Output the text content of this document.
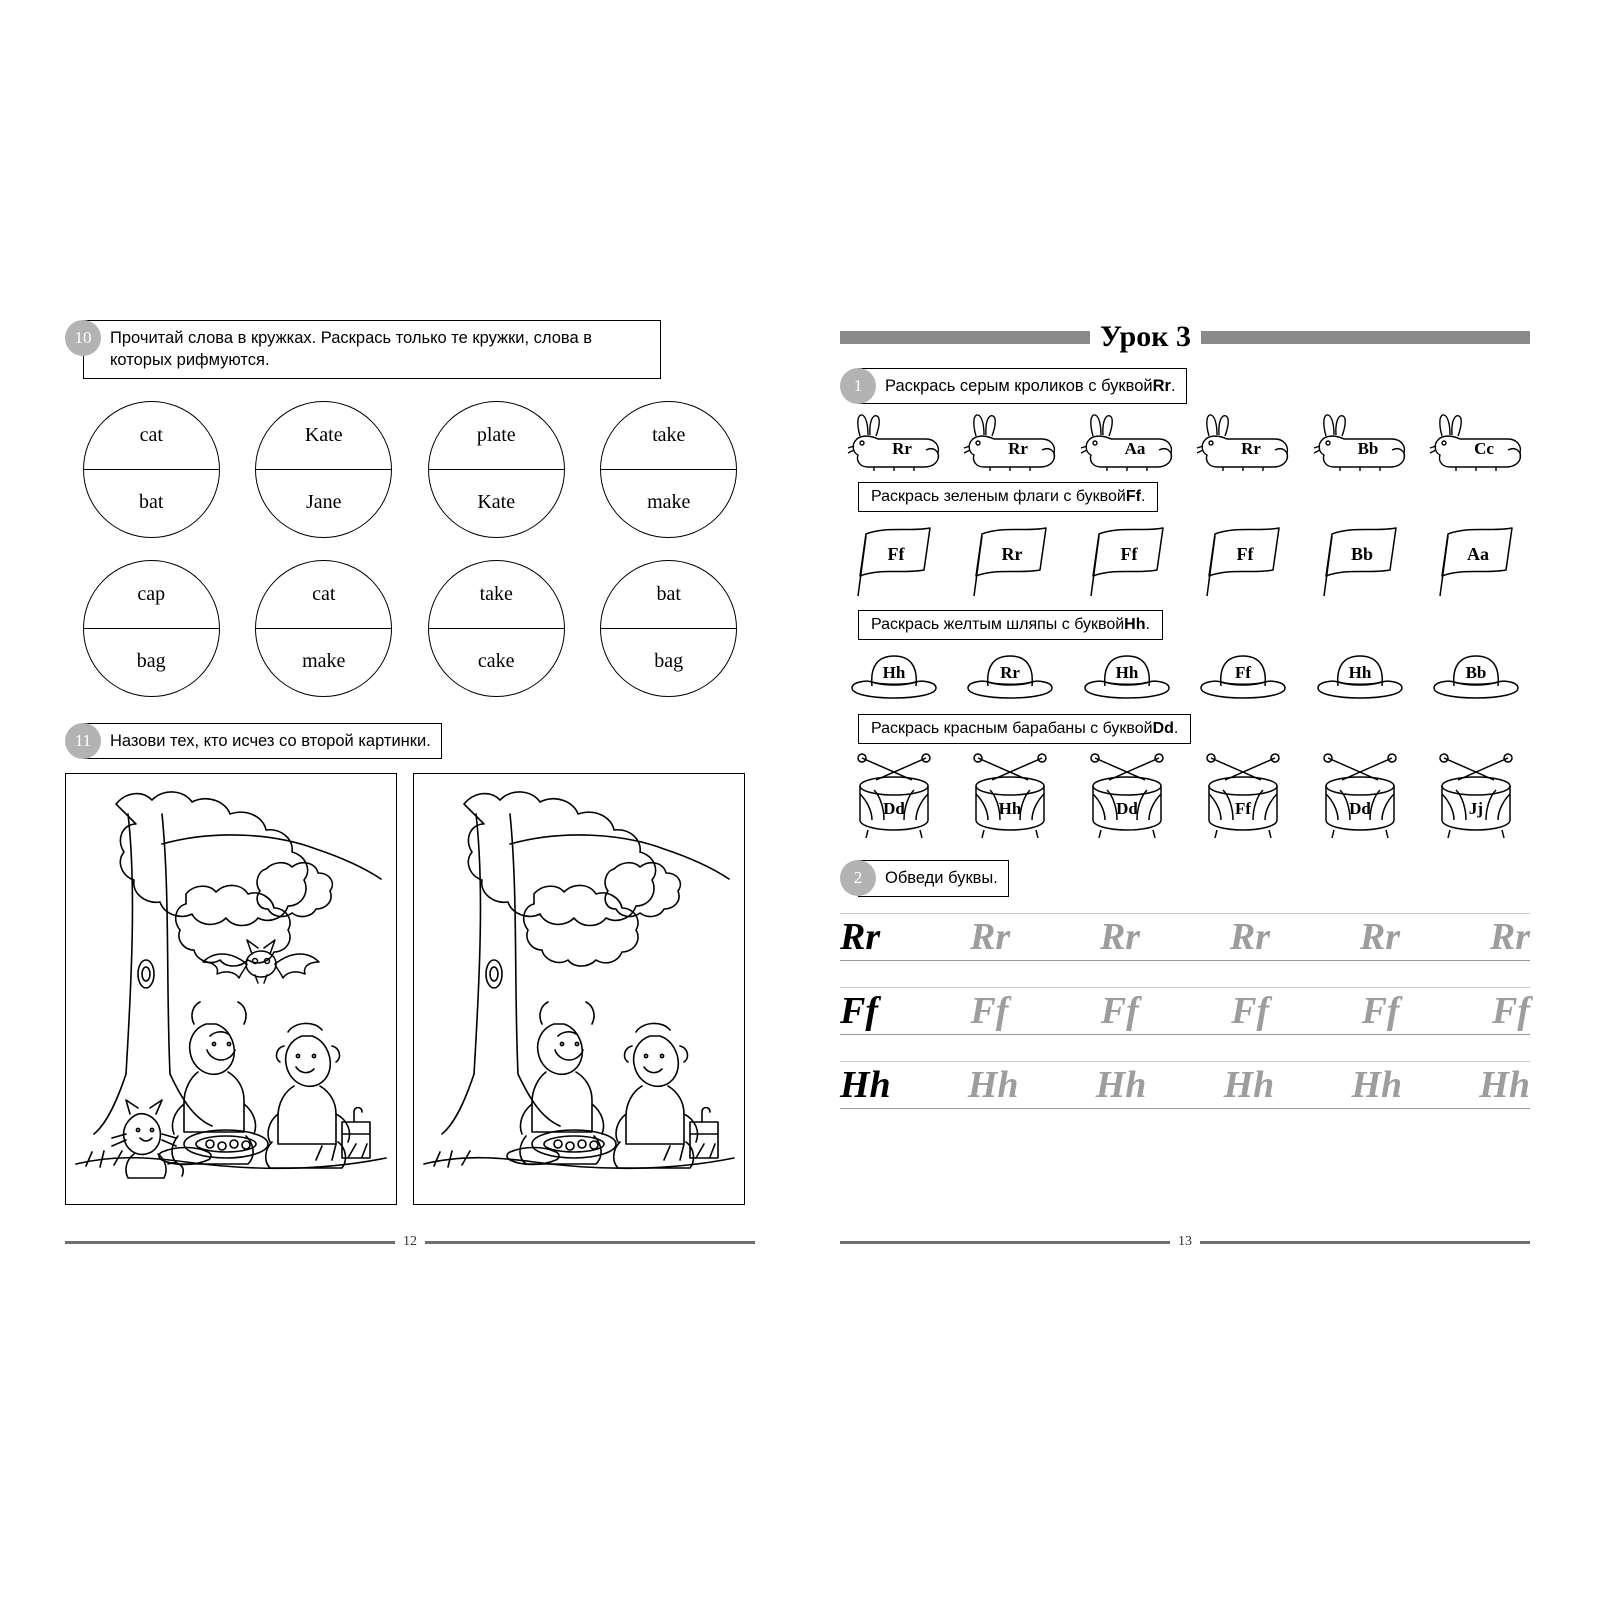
10	Прочитай слова в кружках. Раскрась только те кружки, слова в которых рифмуются.
cat
bat
Kate
Jane
plate
Kate
take
make
cap
bag
cat
make
take
cake
bat
bag
11	Назови тех, кто исчез со второй картинки.
12
Урок 3
1	Раскрась серым кроликов с буквой Rr .
Rr	Rr	Aa	Rr	Bb	Cc
Раскрась зеленым флаги с буквой Ff .
Ff	Rr	Ff	Ff	Bb	Aa
Раскрась желтым шляпы с буквой Hh .
Hh	Rr	Hh	Ff	Hh	Bb
Раскрась красным барабаны с буквой Dd .
Dd	Hh	Dd	Ff	Dd	Jj
2	Обведи буквы.
Rr Rr Rr Rr Rr Rr
Ff Ff Ff Ff Ff Ff
Hh Hh Hh Hh Hh Hh
13
